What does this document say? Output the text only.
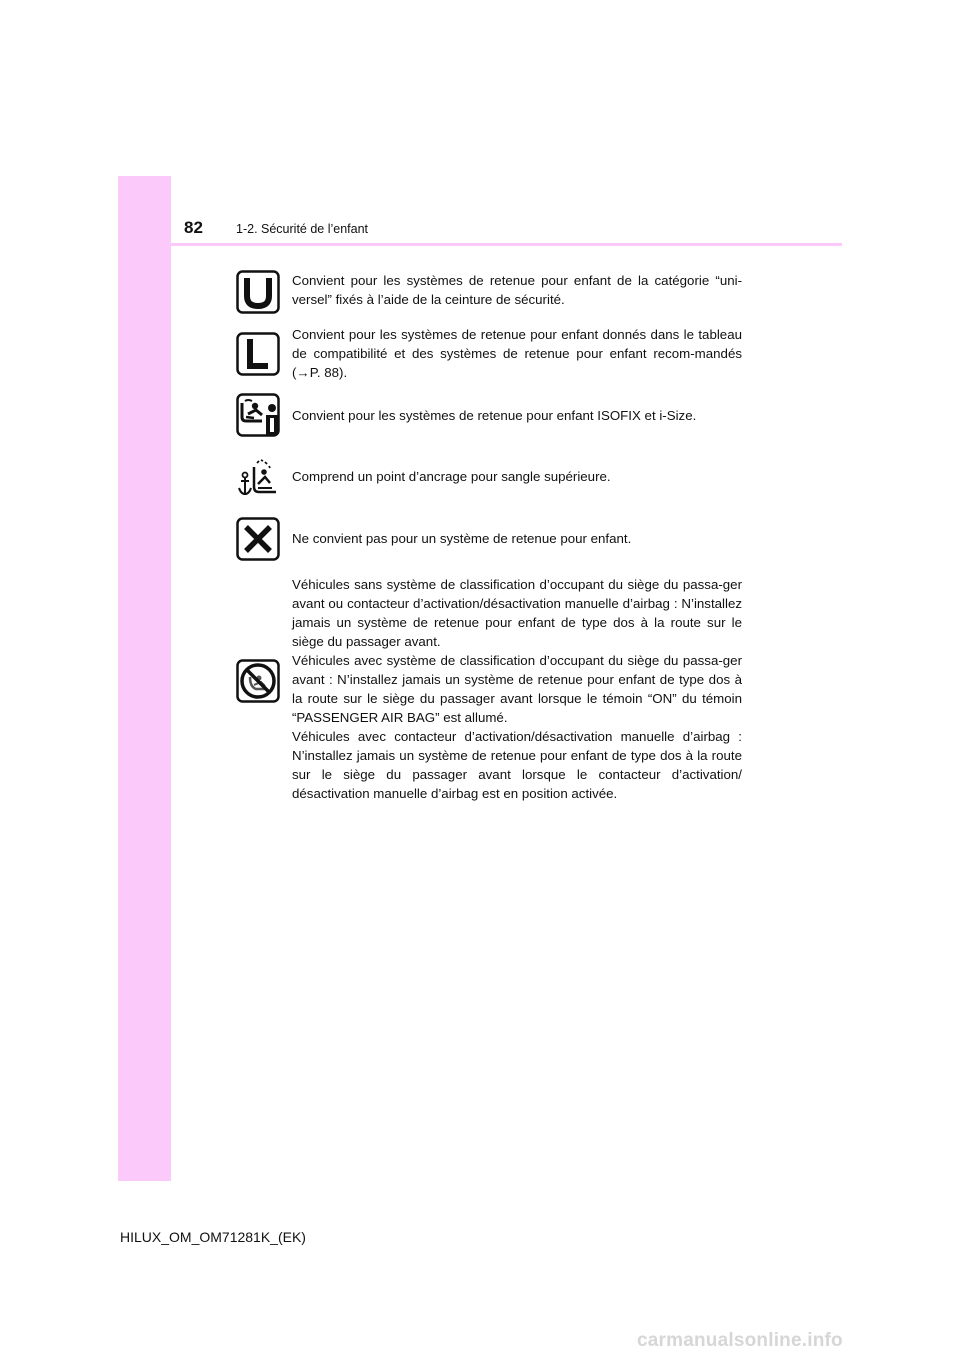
82	1-2. Sécurité de l’enfant
Convient pour les systèmes de retenue pour enfant de la catégorie “uni-versel” fixés à l’aide de la ceinture de sécurité.
Convient pour les systèmes de retenue pour enfant donnés dans le tableau de compatibilité et des systèmes de retenue pour enfant recom-mandés (→P. 88).
Convient pour les systèmes de retenue pour enfant ISOFIX et i-Size.
Comprend un point d’ancrage pour sangle supérieure.
Ne convient pas pour un système de retenue pour enfant.

Véhicules sans système de classification d’occupant du siège du passa-ger avant ou contacteur d’activation/désactivation manuelle d’airbag : N’installez jamais un système de retenue pour enfant de type dos à la route sur le siège du passager avant.

Véhicules avec système de classification d’occupant du siège du passa-ger avant : N’installez jamais un système de retenue pour enfant de type dos à la route sur le siège du passager avant lorsque le témoin “ON” du témoin “PASSENGER AIR BAG” est allumé.

Véhicules avec contacteur d’activation/désactivation manuelle d’airbag : N’installez jamais un système de retenue pour enfant de type dos à la route sur le siège du passager avant lorsque le contacteur d’activation/ désactivation manuelle d’airbag est en position activée.

HILUX_OM_OM71281K_(EK)
carmanualsonline.info
